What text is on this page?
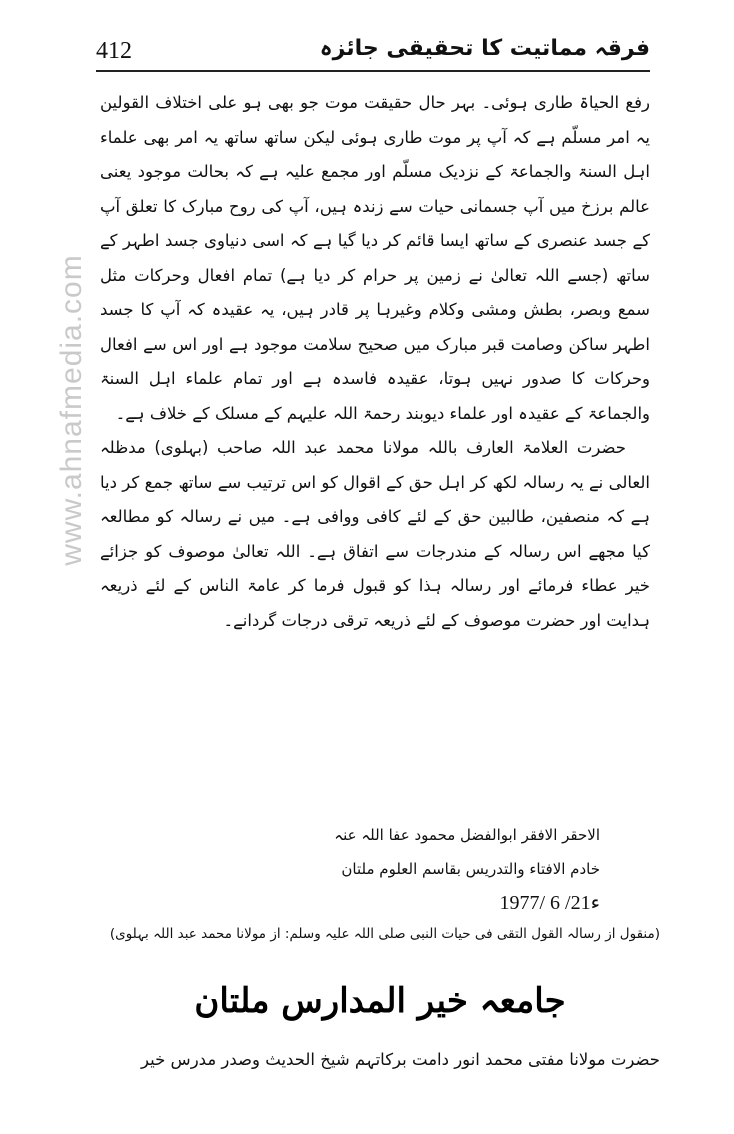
412	فرقہ مماتیت کا تحقیقی جائزہ
www.ahnafmedia.com

رفع الحیاۃ طاری ہوئی۔ بہر حال حقیقت موت جو بھی ہو علی اختلاف القولین یہ امر مسلّم ہے کہ آپ پر موت طاری ہوئی لیکن ساتھ ساتھ یہ امر بھی علماء اہل السنۃ والجماعۃ کے نزدیک مسلّم اور مجمع علیہ ہے کہ بحالت موجود یعنی عالم برزخ میں آپ جسمانی حیات سے زندہ ہیں، آپ کی روح مبارک کا تعلق آپ کے جسد عنصری کے ساتھ ایسا قائم کر دیا گیا ہے کہ اسی دنیاوی جسد اطہر کے ساتھ (جسے اللہ تعالیٰ نے زمین پر حرام کر دیا ہے) تمام افعال وحرکات مثل سمع وبصر، بطش ومشی وکلام وغیرہا پر قادر ہیں، یہ عقیدہ کہ آپ کا جسد اطہر ساکن وصامت قبر مبارک میں صحیح سلامت موجود ہے اور اس سے افعال وحرکات کا صدور نہیں ہوتا، عقیدہ فاسدہ ہے اور تمام علماء اہل السنۃ والجماعۃ کے عقیدہ اور علماء دیوبند رحمۃ اللہ علیہم کے مسلک کے خلاف ہے۔

حضرت العلامۃ العارف باللہ مولانا محمد عبد اللہ صاحب (بہلوی) مدظلہ العالی نے یہ رسالہ لکھ کر اہل حق کے اقوال کو اس ترتیب سے ساتھ جمع کر دیا ہے کہ منصفین، طالبین حق کے لئے کافی ووافی ہے۔ میں نے رسالہ کو مطالعہ کیا مجھے اس رسالہ کے مندرجات سے اتفاق ہے۔ اللہ تعالیٰ موصوف کو جزائے خیر عطاء فرمائے اور رسالہ ہذا کو قبول فرما کر عامۃ الناس کے لئے ذریعہ ہدایت اور حضرت موصوف کے لئے ذریعہ ترقی درجات گردانے۔

الاحقر الافقر ابوالفضل محمود عفا اللہ عنہ
خادم الافتاء والتدریس بقاسم العلوم ملتان
1977/ 6 /21ء
(منقول از رسالہ القول التقی فی حیات النبی صلی اللہ علیہ وسلم: از مولانا محمد عبد اللہ بہلوی)
جامعہ خیر المدارس ملتان
حضرت مولانا مفتی محمد انور دامت برکاتہم شیخ الحدیث وصدر مدرس خیر
